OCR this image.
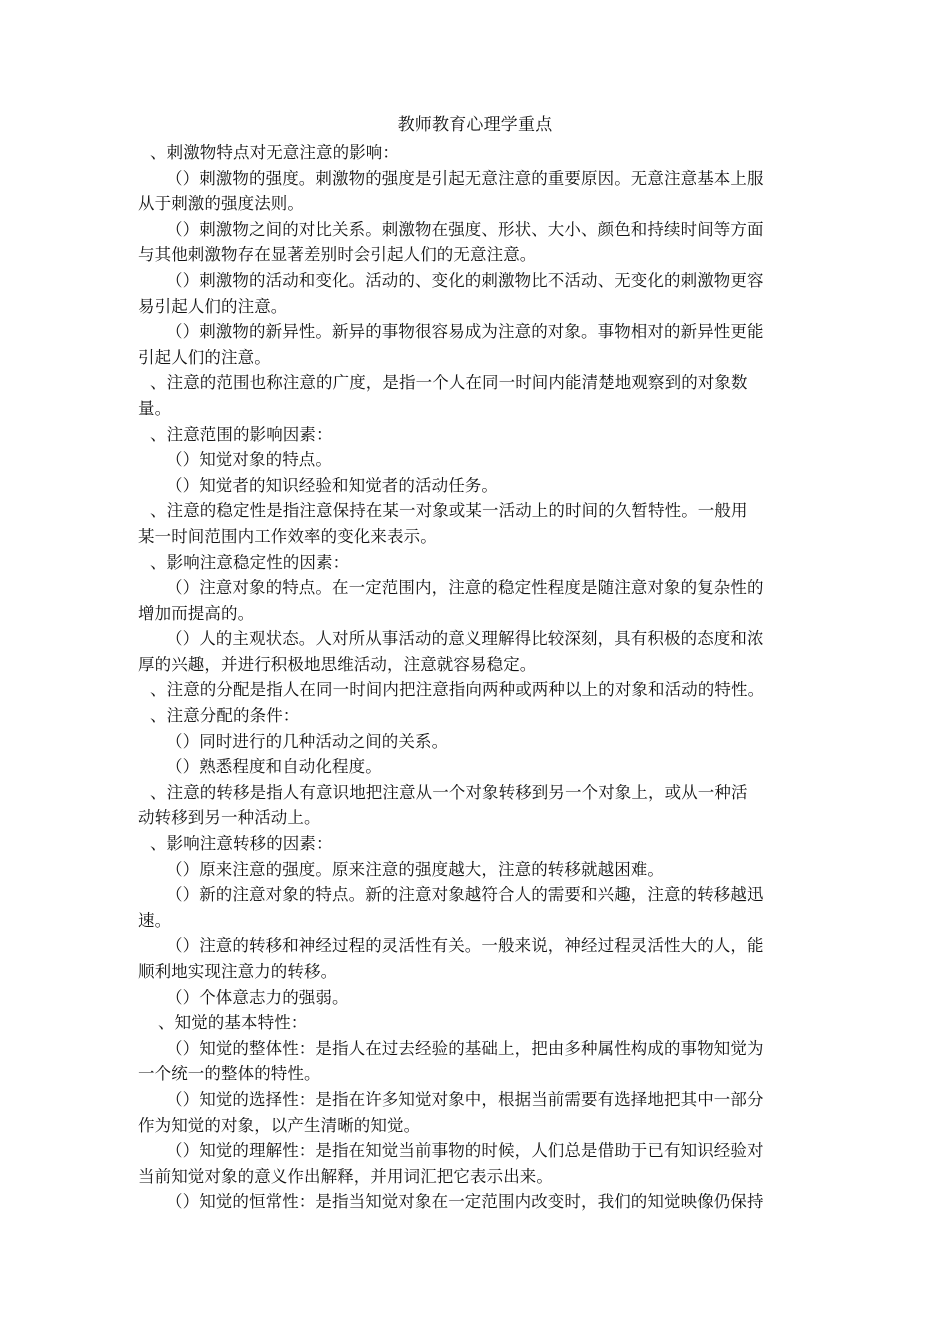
教师教育心理学重点

、刺激物特点对无意注意的影响：

（）刺激物的强度。刺激物的强度是引起无意注意的重要原因。无意注意基本上服

从于刺激的强度法则。

（）刺激物之间的对比关系。刺激物在强度、形状、大小、颜色和持续时间等方面

与其他刺激物存在显著差别时会引起人们的无意注意。

（）刺激物的活动和变化。活动的、变化的刺激物比不活动、无变化的刺激物更容

易引起人们的注意。

（）刺激物的新异性。新异的事物很容易成为注意的对象。事物相对的新异性更能

引起人们的注意。

、注意的范围也称注意的广度，是指一个人在同一时间内能清楚地观察到的对象数

量。

、注意范围的影响因素：

（）知觉对象的特点。

（）知觉者的知识经验和知觉者的活动任务。

、注意的稳定性是指注意保持在某一对象或某一活动上的时间的久暂特性。一般用

某一时间范围内工作效率的变化来表示。

、影响注意稳定性的因素：

（）注意对象的特点。在一定范围内，注意的稳定性程度是随注意对象的复杂性的

增加而提高的。

（）人的主观状态。人对所从事活动的意义理解得比较深刻，具有积极的态度和浓

厚的兴趣，并进行积极地思维活动，注意就容易稳定。

、注意的分配是指人在同一时间内把注意指向两种或两种以上的对象和活动的特性。

、注意分配的条件：

（）同时进行的几种活动之间的关系。

（）熟悉程度和自动化程度。

、注意的转移是指人有意识地把注意从一个对象转移到另一个对象上，或从一种活

动转移到另一种活动上。

、影响注意转移的因素：

（）原来注意的强度。原来注意的强度越大，注意的转移就越困难。

（）新的注意对象的特点。新的注意对象越符合人的需要和兴趣，注意的转移越迅

速。

（）注意的转移和神经过程的灵活性有关。一般来说，神经过程灵活性大的人，能

顺利地实现注意力的转移。

（）个体意志力的强弱。

、知觉的基本特性：

（）知觉的整体性：是指人在过去经验的基础上，把由多种属性构成的事物知觉为

一个统一的整体的特性。

（）知觉的选择性：是指在许多知觉对象中，根据当前需要有选择地把其中一部分

作为知觉的对象，以产生清晰的知觉。

（）知觉的理解性：是指在知觉当前事物的时候，人们总是借助于已有知识经验对

当前知觉对象的意义作出解释，并用词汇把它表示出来。

（）知觉的恒常性：是指当知觉对象在一定范围内改变时，我们的知觉映像仍保持
